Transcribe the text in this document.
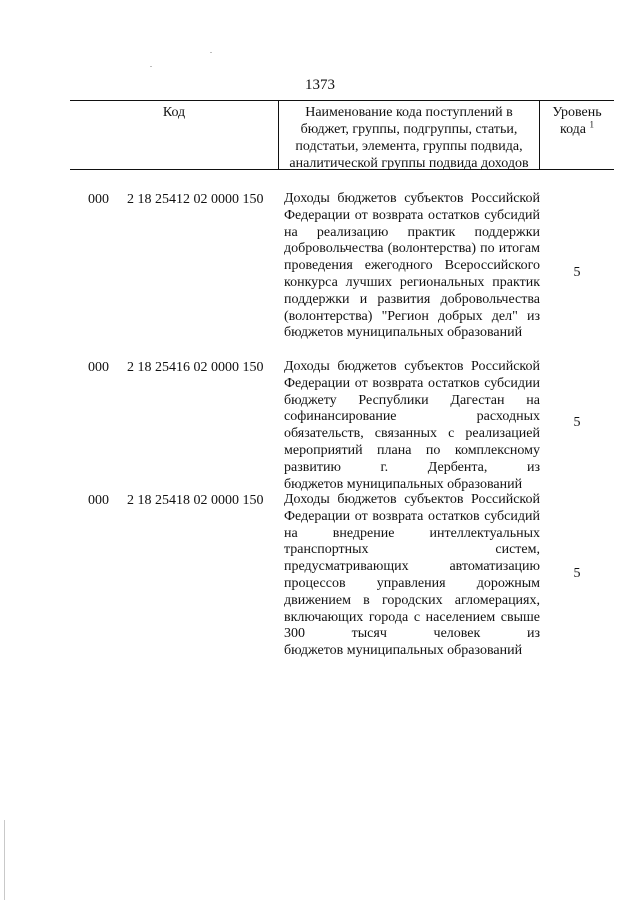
1373
Код	Наименование кода поступлений в
бюджет, группы, подгруппы, статьи,
подстатьи, элемента, группы подвида,
аналитической группы подвида доходов
Уровень
кода $^1$
000 2 18 25412 02 0000 150 Доходы бюджетов субъектов Российской Федерации от возврата остатков субсидий на реализацию практик поддержки добровольчества (волонтерства) по итогам проведения ежегодного Всероссийского конкурса лучших региональных практик поддержки и развития добровольчества (волонтерства) "Регион добрых дел" из
бюджетов муниципальных образований
5
000 2 18 25416 02 0000 150 Доходы бюджетов субъектов Российской Федерации от возврата остатков субсидии бюджету Республики Дагестан на софинансирование расходных обязательств, связанных с реализацией мероприятий плана по комплексному развитию г. Дербента, из
бюджетов муниципальных образований
5
000 2 18 25418 02 0000 150 Доходы бюджетов субъектов Российской Федерации от возврата остатков субсидий на внедрение интеллектуальных транспортных систем, предусматривающих автоматизацию процессов управления дорожным движением в городских агломерациях, включающих города с населением свыше 300 тысяч человек из
бюджетов муниципальных образований
5
